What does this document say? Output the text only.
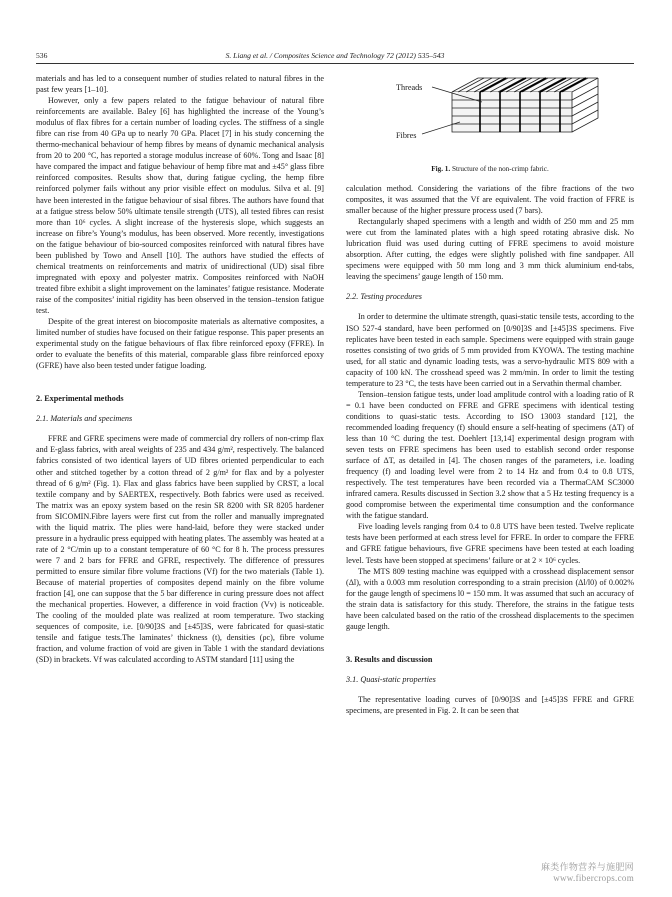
536	S. Liang et al. / Composites Science and Technology 72 (2012) 535–543

materials and has led to a consequent number of studies related to natural fibres in the past few years [1–10].

However, only a few papers related to the fatigue behaviour of natural fibre reinforcements are available. Baley [6] has highlighted the increase of the Young’s modulus of flax fibres for a certain number of loading cycles. The stiffness of a single fibre can rise from 40 GPa up to nearly 70 GPa. Placet [7] in his study concerning the thermo-mechanical behaviour of hemp fibres by means of dynamic mechanical analysis from 20 to 200 °C, has reported a storage modulus increase of 60%. Tong and Isaac [8] have compared the impact and fatigue behaviour of hemp fibre mat and ±45° glass fibre reinforced composites. Results show that, during fatigue cycling, the hemp fibre reinforced polymer fails without any prior visible effect on modulus. Silva et al. [9] have been interested in the fatigue behaviour of sisal fibres. The authors have found that at a fatigue stress below 50% ultimate tensile strength (UTS), all tested fibres can resist more than 10⁶ cycles. A slight increase of the hysteresis slope, which suggests an increase on fibre’s Young’s modulus, has been observed. More recently, investigations on the fatigue behaviour of bio-sourced composites reinforced with natural fibres have been published by Towo and Ansell [10]. The authors have studied the effects of chemical treatments on reinforcements and matrix of unidirectional (UD) sisal fibre impregnated with epoxy and polyester matrix. Composites reinforced with NaOH treated fibre exhibit a slight improvement on the laminates’ fatigue resistance. Moderate raise of the composites’ initial rigidity has been observed in the tension–tension fatigue test.

Despite of the great interest on biocomposite materials as alternative composites, a limited number of studies have focused on their fatigue response. This paper presents an experimental study on the fatigue behaviours of flax fibre reinforced epoxy (FFRE). In order to evaluate the benefits of this material, comparable glass fibre reinforced epoxy (GFRE) have also been tested under fatigue loading.

2. Experimental methods
2.1. Materials and specimens

FFRE and GFRE specimens were made of commercial dry rollers of non-crimp flax and E-glass fabrics, with areal weights of 235 and 434 g/m², respectively. The balanced fabrics consisted of two identical layers of UD fibres oriented perpendicular to each other and stitched together by a cotton thread of 2 g/m² for flax and by a polyester thread of 6 g/m² (Fig. 1). Flax and glass fabrics have been supplied by CRST, a local textile company and by SAERTEX, respectively. Both fabrics were used as received. The matrix was an epoxy system based on the resin SR 8200 with SR 8205 hardener from SICOMIN.Fibre layers were first cut from the roller and manually impregnated with the liquid matrix. The plies were hand-laid, before they were stacked under pressure in a hydraulic press equipped with heating plates. The assembly was heated at a rate of 2 °C/min up to a constant temperature of 60 °C for 8 h. The process pressures were 7 and 2 bars for FFRE and GFRE, respectively. The difference of pressures permitted to ensure similar fibre volume fractions (Vf) for the two materials (Table 1). Because of material properties of composites depend mainly on the fibre volume fraction [4], one can suppose that the 5 bar difference in curing pressure does not affect the mechanical properties. However, a difference in void fraction (Vv) is noticeable. The cooling of the moulded plate was realized at room temperature. Two stacking sequences of composite, i.e. [0/90]3S and [±45]3S, were fabricated for quasi-static tensile and fatigue tests.The laminates’ thickness (t), densities (ρc), fibre volume fraction, and volume fraction of void are given in Table 1 with the standard deviations (SD) in brackets. Vf was calculated according to ASTM standard [11] using the

Threads
Fibres
Fig. 1. Structure of the non-crimp fabric.

calculation method. Considering the variations of the fibre fractions of the two composites, it was assumed that the Vf are equivalent. The void fraction of FFRE is smaller because of the higher pressure process used (7 bars).

Rectangularly shaped specimens with a length and width of 250 mm and 25 mm were cut from the laminated plates with a high speed rotating abrasive disk. No lubrication fluid was used during cutting of FFRE specimens to avoid moisture absorption. After cutting, the edges were slightly polished with fine sandpaper. All specimens were equipped with 50 mm long and 3 mm thick aluminium end-tabs, leaving the specimens’ gauge length of 150 mm.

2.2. Testing procedures

In order to determine the ultimate strength, quasi-static tensile tests, according to the ISO 527-4 standard, have been performed on [0/90]3S and [±45]3S specimens. Five replicates have been tested in each sample. Specimens were equipped with strain gauge rosettes consisting of two grids of 5 mm provided from KYOWA. The testing machine used, for all static and dynamic loading tests, was a servo-hydraulic MTS 809 with a capacity of 100 kN. The crosshead speed was 2 mm/min. In order to limit the testing temperature to 23 °C, the tests have been carried out in a Servathin thermal chamber.

Tension–tension fatigue tests, under load amplitude control with a loading ratio of R = 0.1 have been conducted on FFRE and GFRE specimens with identical testing conditions to quasi-static tests. According to ISO 13003 standard [12], the recommended loading frequency (f) should ensure a self-heating of specimens (ΔT) of less than 10 °C during the test. Doehlert [13,14] experimental design program with seven tests on FFRE specimens has been used to establish second order response surface of ΔT, as detailed in [4]. The chosen ranges of the parameters, i.e. loading frequency (f) and loading level were from 2 to 14 Hz and from 0.4 to 0.8 UTS, respectively. The test temperatures have been recorded via a ThermaCAM SC3000 infrared camera. Results discussed in Section 3.2 show that a 5 Hz testing frequency is a good compromise between the experimental time consumption and the conformance with the fatigue standard.

Five loading levels ranging from 0.4 to 0.8 UTS have been tested. Twelve replicate tests have been performed at each stress level for FFRE. In order to compare the FFRE and GFRE fatigue behaviours, five GFRE specimens have been tested at each loading level. Tests have been stopped at specimens’ failure or at 2 × 10⁶ cycles.

The MTS 809 testing machine was equipped with a crosshead displacement sensor (Δl), with a 0.003 mm resolution corresponding to a strain precision (Δl/l0) of 0.002% for the gauge length of specimens l0 = 150 mm. It was assumed that such an accuracy of the strain data is satisfactory for this study. Therefore, the strains in the fatigue tests have been calculated based on the ratio of the crosshead displacements to the specimen gauge length.

3. Results and discussion
3.1. Quasi-static properties

The representative loading curves of [0/90]3S and [±45]3S FFRE and GFRE specimens, are presented in Fig. 2. It can be seen that

麻类作物营养与施肥网
www.fibercrops.com
